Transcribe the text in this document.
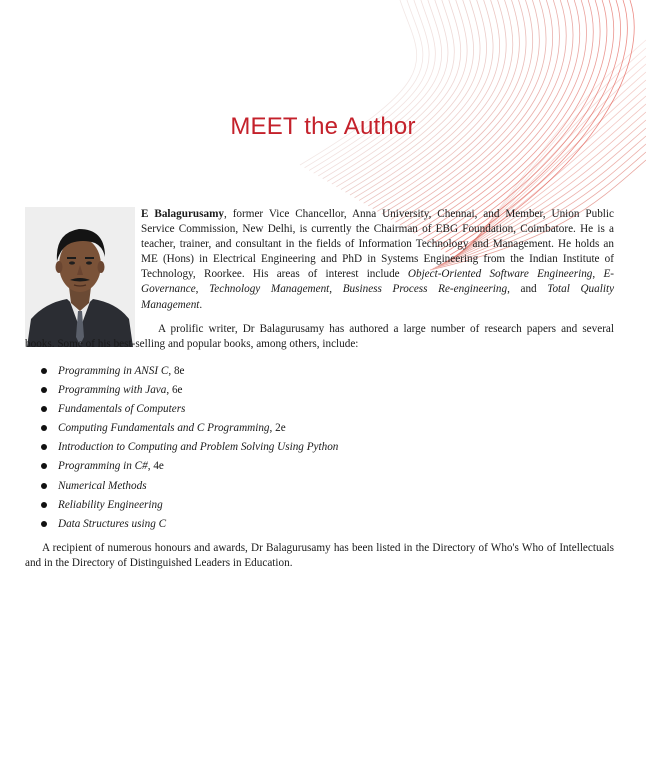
MEET the Author

E Balagurusamy, former Vice Chancellor, Anna University, Chennai, and Member, Union Public Service Commission, New Delhi, is currently the Chairman of EBG Foundation, Coimbatore. He is a teacher, trainer, and consultant in the fields of Information Technology and Management. He holds an ME (Hons) in Electrical Engineering and PhD in Systems Engineering from the Indian Institute of Technology, Roorkee. His areas of interest include Object-Oriented Software Engineering, E-Governance, Technology Management, Business Process Re-engineering, and Total Quality Management.

A prolific writer, Dr Balagurusamy has authored a large number of research papers and several books. Some of his best-selling and popular books, among others, include:

Programming in ANSI C, 8e
Programming with Java, 6e
Fundamentals of Computers
Computing Fundamentals and C Programming, 2e
Introduction to Computing and Problem Solving Using Python
Programming in C#, 4e
Numerical Methods
Reliability Engineering
Data Structures using C

A recipient of numerous honours and awards, Dr Balagurusamy has been listed in the Directory of Who's Who of Intellectuals and in the Directory of Distinguished Leaders in Education.
